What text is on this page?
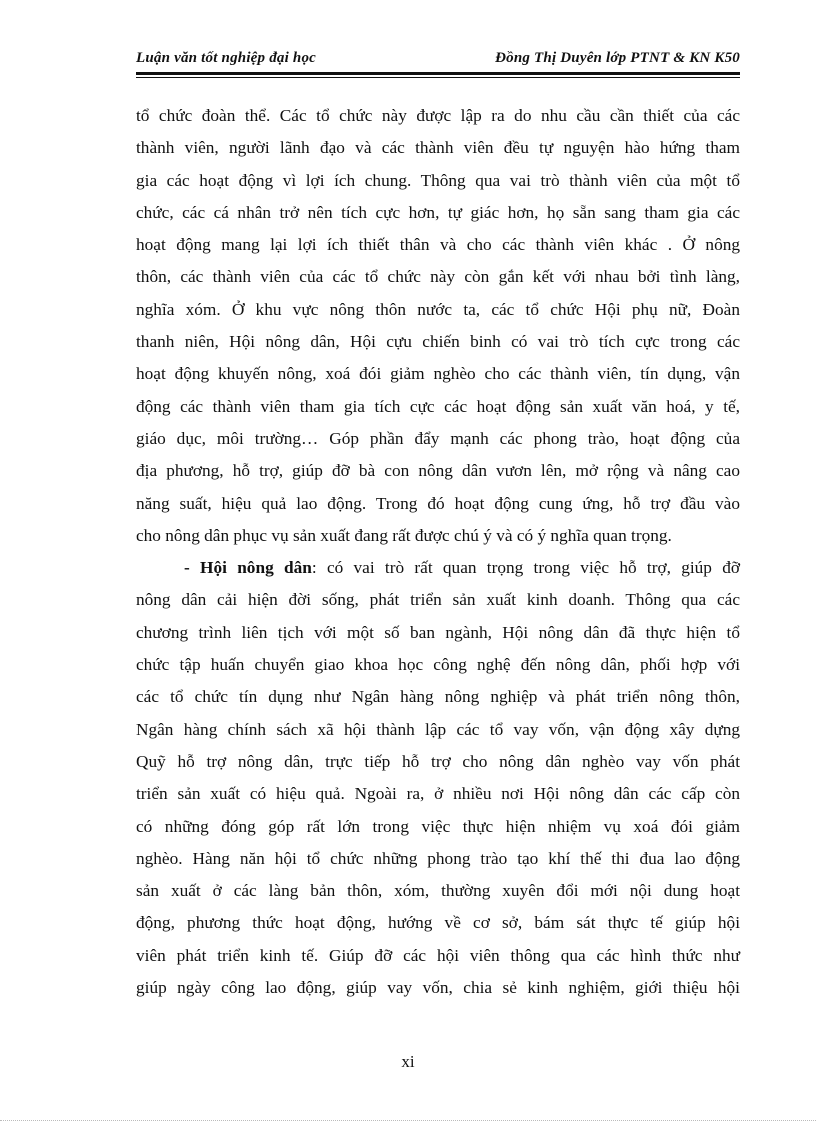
Luận văn tốt nghiệp đại học	Đồng Thị Duyên lớp PTNT & KN K50
tổ chức đoàn thể. Các tổ chức này được lập ra do nhu cầu cần thiết của các
thành viên, người lãnh đạo và các thành viên đều tự nguyện hào hứng tham
gia các hoạt động vì lợi ích chung. Thông qua vai trò thành viên của một tổ
chức, các cá nhân trở nên tích cực hơn, tự giác hơn, họ sẵn sang tham gia các
hoạt động mang lại lợi ích thiết thân và cho các thành viên khác . Ở nông
thôn, các thành viên của các tổ chức này còn gắn kết với nhau bởi tình làng,
nghĩa xóm. Ở khu vực nông thôn nước ta, các tổ chức Hội phụ nữ, Đoàn
thanh niên, Hội nông dân, Hội cựu chiến binh có vai trò tích cực trong các
hoạt động khuyến nông, xoá đói giảm nghèo cho các thành viên, tín dụng, vận
động các thành viên tham gia tích cực các hoạt động sản xuất văn hoá, y tế,
giáo dục, môi trường… Góp phần đẩy mạnh các phong trào, hoạt động của
địa phương, hỗ trợ, giúp đỡ bà con nông dân vươn lên, mở rộng và nâng cao
năng suất, hiệu quả lao động. Trong đó hoạt động cung ứng, hỗ trợ đầu vào
cho nông dân phục vụ sản xuất đang rất được chú ý và có ý nghĩa quan trọng.
- Hội nông dân: có vai trò rất quan trọng trong việc hỗ trợ, giúp đỡ
nông dân cải hiện đời sống, phát triển sản xuất kinh doanh. Thông qua các
chương trình liên tịch với một số ban ngành, Hội nông dân đã thực hiện tổ
chức tập huấn chuyển giao khoa học công nghệ đến nông dân, phối hợp với
các tổ chức tín dụng như Ngân hàng nông nghiệp và phát triển nông thôn,
Ngân hàng chính sách xã hội thành lập các tổ vay vốn, vận động xây dựng
Quỹ hỗ trợ nông dân, trực tiếp hỗ trợ cho nông dân nghèo vay vốn phát
triển sản xuất có hiệu quả. Ngoài ra, ở nhiều nơi Hội nông dân các cấp còn
có những đóng góp rất lớn trong việc thực hiện nhiệm vụ xoá đói giảm
nghèo. Hàng năn hội tổ chức những phong trào tạo khí thế thi đua lao động
sản xuất ở các làng bản thôn, xóm, thường xuyên đổi mới nội dung hoạt
động, phương thức hoạt động, hướng về cơ sở, bám sát thực tế giúp hội
viên phát triển kinh tế. Giúp đỡ các hội viên thông qua các hình thức như
giúp ngày công lao động, giúp vay vốn, chia sẻ kinh nghiệm, giới thiệu hội
xi
